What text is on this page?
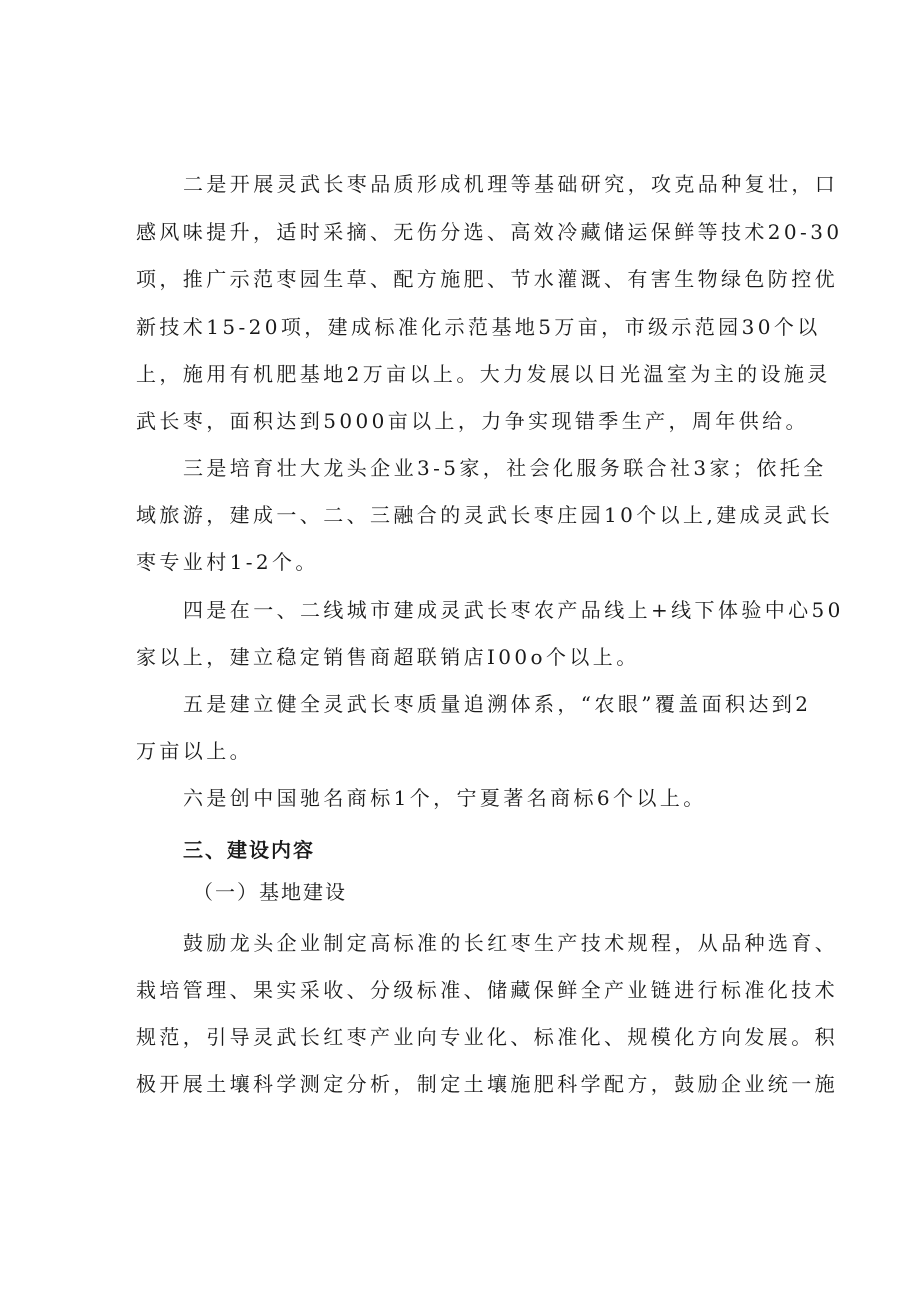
二是开展灵武长枣品质形成机理等基础研究，攻克品种复壮，口
感风味提升，适时采摘、无伤分选、高效冷藏储运保鲜等技术20-30
项，推广示范枣园生草、配方施肥、节水灌溉、有害生物绿色防控优
新技术15-20项，建成标准化示范基地5万亩，市级示范园30个以
上，施用有机肥基地2万亩以上。大力发展以日光温室为主的设施灵
武长枣，面积达到5000亩以上，力争实现错季生产，周年供给。
三是培育壮大龙头企业3-5家，社会化服务联合社3家；依托全
域旅游，建成一、二、三融合的灵武长枣庄园10个以上,建成灵武长
枣专业村1-2个。
四是在一、二线城市建成灵武长枣农产品线上+线下体验中心50
家以上，建立稳定销售商超联销店I00o个以上。
五是建立健全灵武长枣质量追溯体系，“农眼”覆盖面积达到2
万亩以上。
六是创中国驰名商标1个，宁夏著名商标6个以上。
三、建设内容
（一）基地建设
鼓励龙头企业制定高标准的长红枣生产技术规程，从品种选育、
栽培管理、果实采收、分级标准、储藏保鲜全产业链进行标准化技术
规范，引导灵武长红枣产业向专业化、标准化、规模化方向发展。积
极开展土壤科学测定分析，制定土壤施肥科学配方，鼓励企业统一施
